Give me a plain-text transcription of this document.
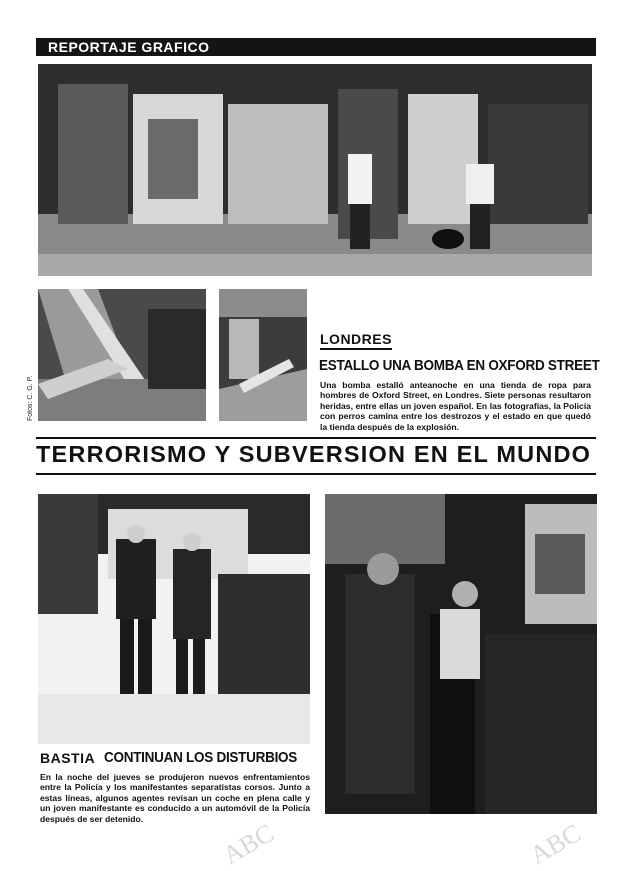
REPORTAJE GRAFICO
Fotos: C. G. P.
LONDRES
ESTALLO UNA BOMBA EN OXFORD STREET
Una bomba estalló anteanoche en una tienda de ropa para hombres de Oxford Street, en Londres. Siete personas resultaron heridas, entre ellas un joven español. En las fotografías, la Policía con perros camina entre los destrozos y el estado en que quedó la tienda después de la explosión.
TERRORISMO Y SUBVERSION EN EL MUNDO
BASTIA CONTINUAN LOS DISTURBIOS
En la noche del jueves se produjeron nuevos enfrentamientos entre la Policía y los manifestantes separatistas corsos. Junto a estas líneas, algunos agentes revisan un coche en plena calle y un joven manifestante es conducido a un automóvil de la Policía después de ser detenido.	ABC	ABC
